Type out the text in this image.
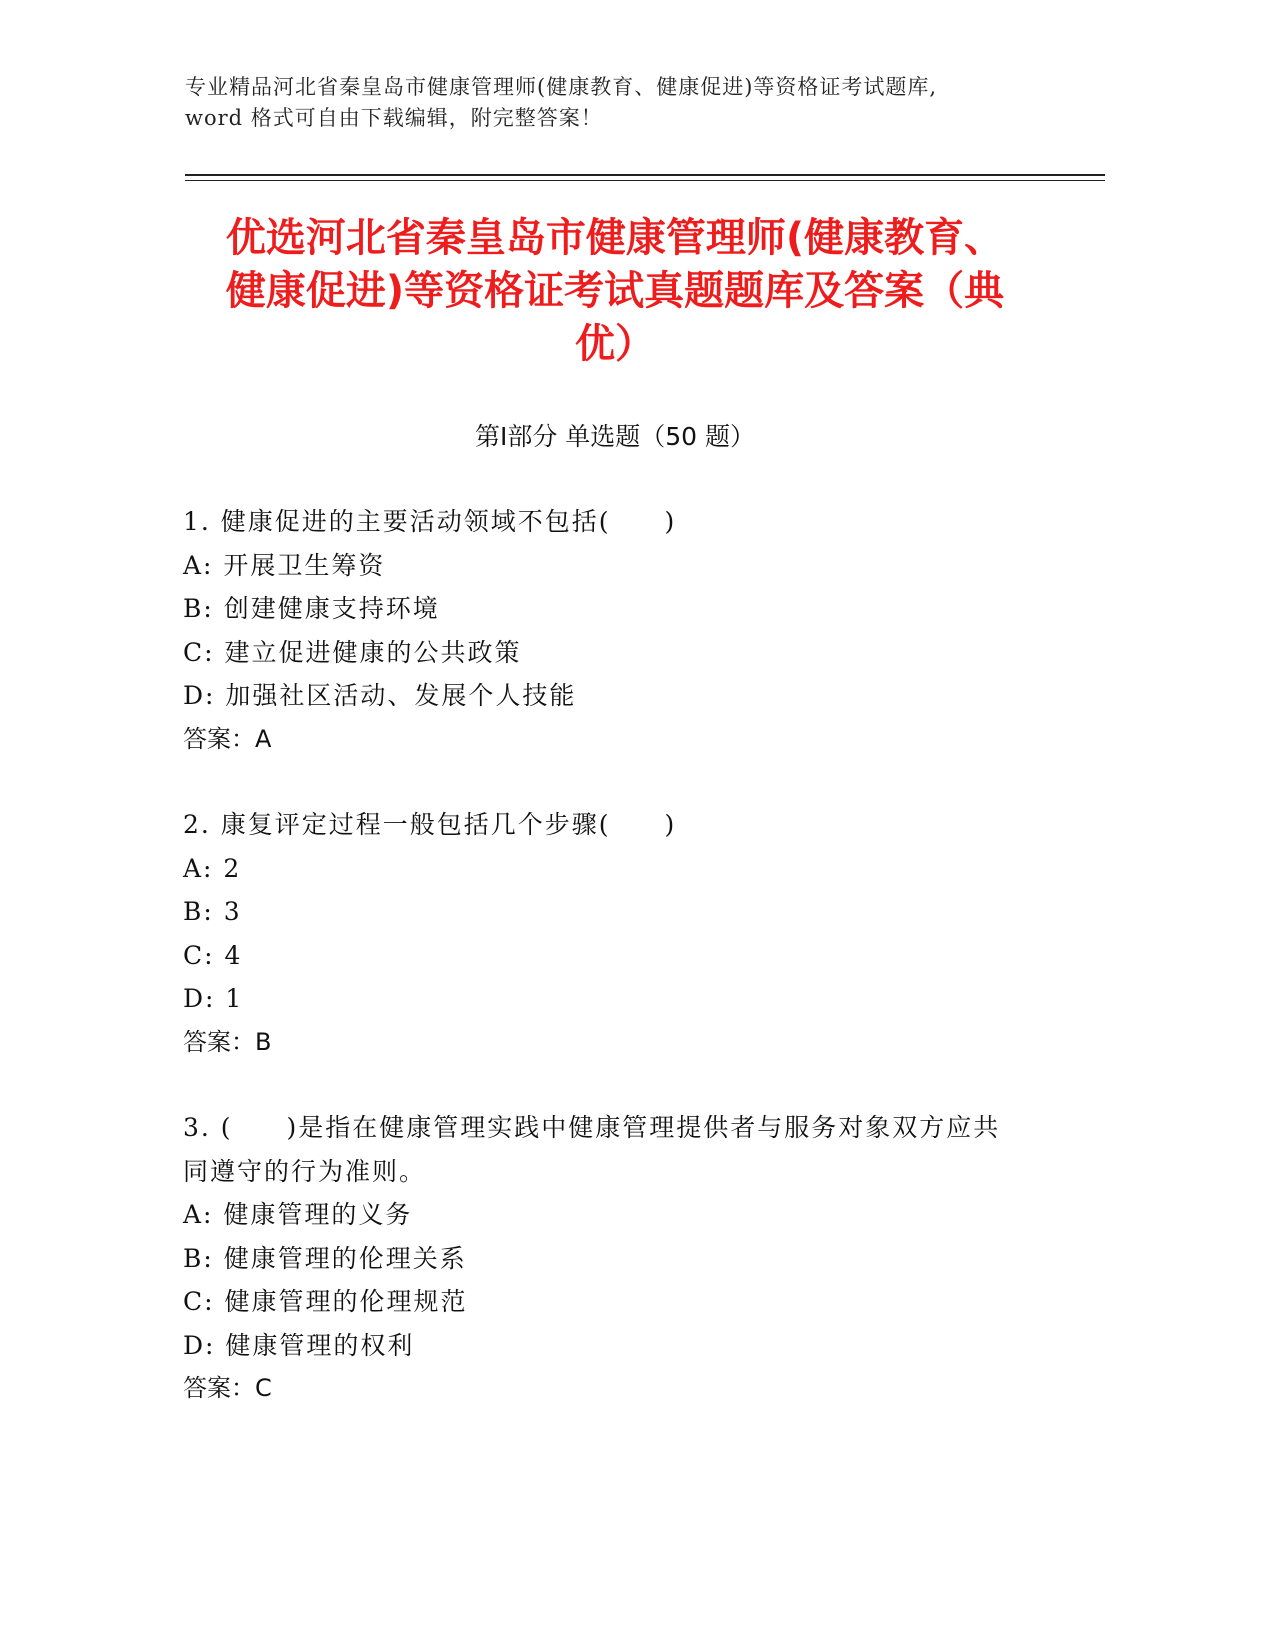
专业精品河北省秦皇岛市健康管理师(健康教育、健康促进)等资格证考试题库,
word 格式可自由下载编辑，附完整答案！
优选河北省秦皇岛市健康管理师(健康教育、
健康促进)等资格证考试真题题库及答案（典
优）
第Ⅰ部分 单选题（50 题）
1. 健康促进的主要活动领域不包括(　　)
A: 开展卫生筹资
B: 创建健康支持环境
C: 建立促进健康的公共政策
D: 加强社区活动、发展个人技能
答案：A
2. 康复评定过程一般包括几个步骤(　　)
A: 2
B: 3
C: 4
D: 1
答案：B
3. (　　)是指在健康管理实践中健康管理提供者与服务对象双方应共
同遵守的行为准则。
A: 健康管理的义务
B: 健康管理的伦理关系
C: 健康管理的伦理规范
D: 健康管理的权利
答案：C
